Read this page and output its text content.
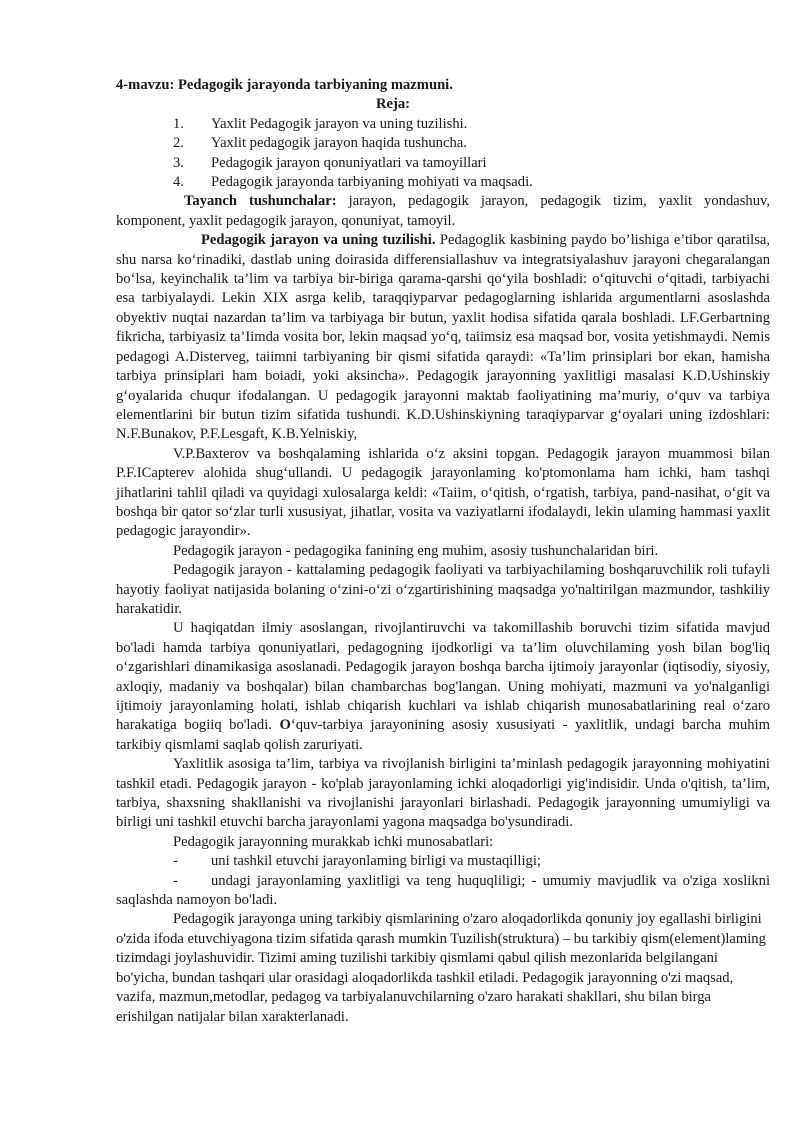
4-mavzu: Pedagogik jarayonda tarbiyaning mazmuni.

Reja:

1.	Yaxlit Pedagogik jarayon va uning tuzilishi.
2.	Yaxlit pedagogik jarayon haqida tushuncha.
3.	Pedagogik jarayon qonuniyatlari va tamoyillari
4.	Pedagogik jarayonda tarbiyaning mohiyati va maqsadi.

Tayanch tushunchalar: jarayon, pedagogik jarayon, pedagogik tizim, yaxlit yondashuv, komponent, yaxlit pedagogik jarayon, qonuniyat, tamoyil.

Pedagogik jarayon va uning tuzilishi. Pedagoglik kasbining paydo bo’lishiga e’tibor qaratilsa, shu narsa ko‘rinadiki, dastlab uning doirasida differensiallashuv va integratsiyalashuv jarayoni chegaralangan bo‘lsa, keyinchalik ta’lim va tarbiya bir-biriga qarama-qarshi qo‘yila boshladi: o‘qituvchi o‘qitadi, tarbiyachi esa tarbiyalaydi. Lekin XIX asrga kelib, taraqqiyparvar pedagoglarning ishlarida argumentlarni asoslashda obyektiv nuqtai nazardan ta’lim va tarbiyaga bir butun, yaxlit hodisa sifatida qarala boshladi. LF.Gerbartning fikricha, tarbiyasiz ta’Iimda vosita bor, lekin maqsad yo‘q, taiimsiz esa maqsad bor, vosita yetishmaydi. Nemis pedagogi A.Disterveg, taiimni tarbiyaning bir qismi sifatida qaraydi: «Ta’lim prinsiplari bor ekan, hamisha tarbiya prinsiplari ham boiadi, yoki aksincha». Pedagogik jarayonning yaxlitligi masalasi K.D.Ushinskiy g‘oyalarida chuqur ifodalangan. U pedagogik jarayonni maktab faoliyatining ma’muriy, o‘quv va tarbiya elementlarini bir butun tizim sifatida tushundi. K.D.Ushinskiyning taraqiyparvar g‘oyalari uning izdoshlari: N.F.Bunakov, P.F.Lesgaft, K.B.Yelniskiy,

V.P.Baxterov va boshqalaming ishlarida o‘z aksini topgan. Pedagogik jarayon muammosi bilan P.F.ICapterev alohida shug‘ullandi. U pedagogik jarayonlaming ko'ptomonlama ham ichki, ham tashqi jihatlarini tahlil qiladi va quyidagi xulosalarga keldi: «Taiim, o‘qitish, o‘rgatish, tarbiya, pand-nasihat, o‘git va boshqa bir qator so‘zlar turli xususiyat, jihatlar, vosita va vaziyatlarni ifodalaydi, lekin ulaming hammasi yaxlit pedagogic jarayondir».

Pedagogik jarayon - pedagogika fanining eng muhim, asosiy tushunchalaridan biri.

Pedagogik jarayon - kattalaming pedagogik faoliyati va tarbiyachilaming boshqaruvchilik roli tufayli hayotiy faoliyat natijasida bolaning o‘zini-o‘zi o‘zgartirishining maqsadga yo'naltirilgan mazmundor, tashkiliy harakatidir.

U haqiqatdan ilmiy asoslangan, rivojlantiruvchi va takomillashib boruvchi tizim sifatida mavjud bo'ladi hamda tarbiya qonuniyatlari, pedagogning ijodkorligi va ta’lim oluvchilaming yosh bilan bog'liq o‘zgarishlari dinamikasiga asoslanadi. Pedagogik jarayon boshqa barcha ijtimoiy jarayonlar (iqtisodiy, siyosiy, axloqiy, madaniy va boshqalar) bilan chambarchas bog'langan. Uning mohiyati, mazmuni va yo'nalganligi ijtimoiy jarayonlaming holati, ishlab chiqarish kuchlari va ishlab chiqarish munosabatlarining real o‘zaro harakatiga bogiiq bo'ladi. O‘quv-tarbiya jarayonining asosiy xususiyati - yaxlitlik, undagi barcha muhim tarkibiy qismlami saqlab qolish zaruriyati.

Yaxlitlik asosiga ta’lim, tarbiya va rivojlanish birligini ta’minlash pedagogik jarayonning mohiyatini tashkil etadi. Pedagogik jarayon - ko'plab jarayonlaming ichki aloqadorligi yig'indisidir. Unda o'qitish, ta’lim, tarbiya, shaxsning shakllanishi va rivojlanishi jarayonlari birlashadi. Pedagogik jarayonning umumiyligi va birligi uni tashkil etuvchi barcha jarayonlami yagona maqsadga bo'ysundiradi.

Pedagogik jarayonning murakkab ichki munosabatlari:

-	uni tashkil etuvchi jarayonlaming birligi va mustaqilligi;

- undagi jarayonlaming yaxlitligi va teng huquqliligi; - umumiy mavjudlik va o'ziga xoslikni saqlashda namoyon bo'ladi.

Pedagogik jarayonga uning tarkibiy qismlarining o'zaro aloqadorlikda qonuniy joy egallashi birligini o'zida ifoda etuvchiyagona tizim sifatida qarash mumkin Tuzilish(struktura) – bu tarkibiy qism(element)laming tizimdagi joylashuvidir. Tizimi aming tuzilishi tarkibiy qismlami qabul qilish mezonlarida belgilangani bo'yicha, bundan tashqari ular orasidagi aloqadorlikda tashkil etiladi. Pedagogik jarayonning o'zi maqsad, vazifa, mazmun,metodlar, pedagog va tarbiyalanuvchilarning o'zaro harakati shakllari, shu bilan birga erishilgan natijalar bilan xarakterlanadi.
